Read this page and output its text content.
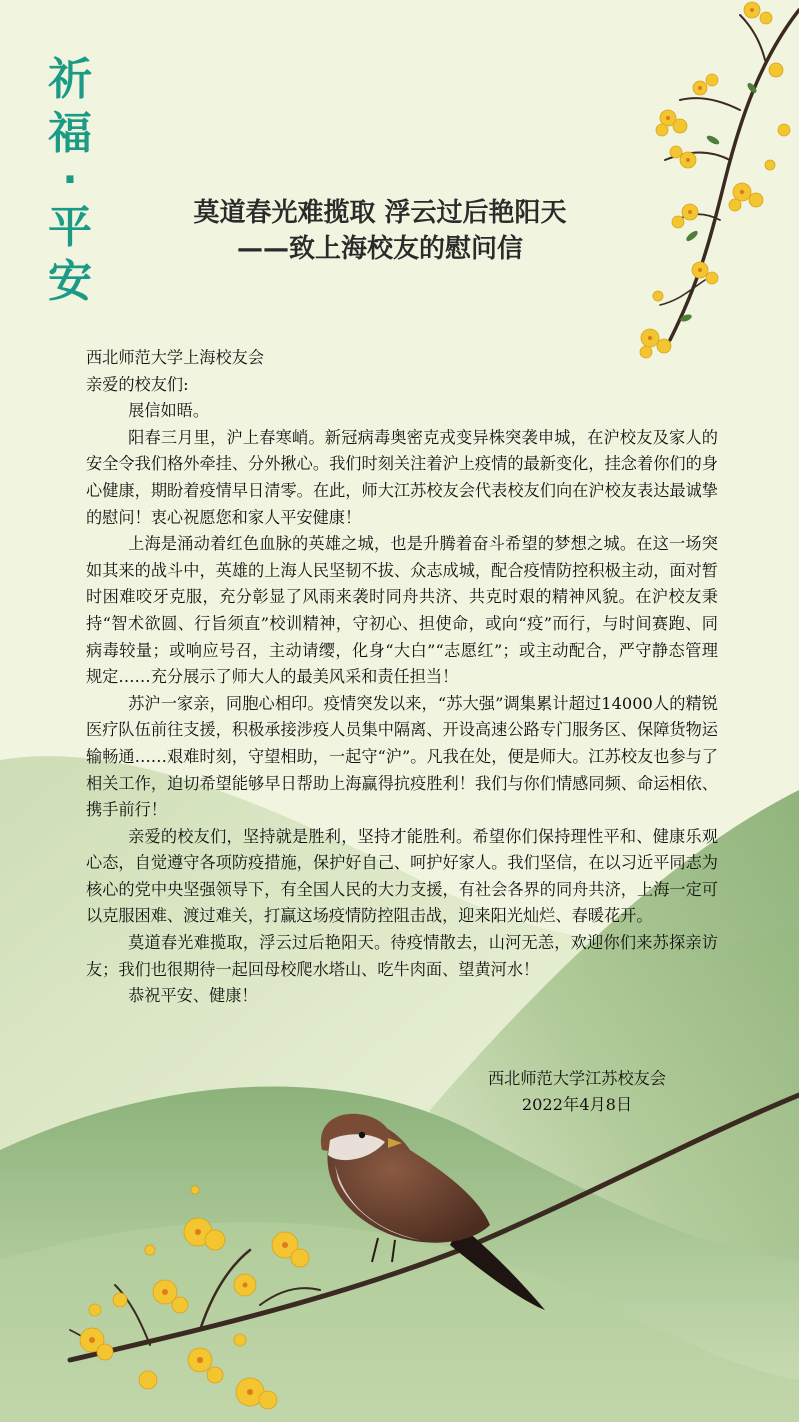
祈
福
·
平
安
莫道春光难揽取 浮云过后艳阳天
——致上海校友的慰问信

西北师范大学上海校友会

亲爱的校友们:

展信如晤。

阳春三月里，沪上春寒峭。新冠病毒奥密克戎变异株突袭申城，在沪校友及家人的安全令我们格外牵挂、分外揪心。我们时刻关注着沪上疫情的最新变化，挂念着你们的身心健康，期盼着疫情早日清零。在此，师大江苏校友会代表校友们向在沪校友表达最诚挚的慰问！衷心祝愿您和家人平安健康！

上海是涌动着红色血脉的英雄之城，也是升腾着奋斗希望的梦想之城。在这一场突如其来的战斗中，英雄的上海人民坚韧不拔、众志成城，配合疫情防控积极主动，面对暂时困难咬牙克服，充分彰显了风雨来袭时同舟共济、共克时艰的精神风貌。在沪校友秉持“智术欲圆、行旨须直”校训精神，守初心、担使命，或向“疫”而行，与时间赛跑、同病毒较量；或响应号召，主动请缨，化身“大白”“志愿红”；或主动配合，严守静态管理规定……充分展示了师大人的最美风采和责任担当！

苏沪一家亲，同胞心相印。疫情突发以来，“苏大强”调集累计超过14000人的精锐医疗队伍前往支援，积极承接涉疫人员集中隔离、开设高速公路专门服务区、保障货物运输畅通……艰难时刻，守望相助，一起守“沪”。凡我在处，便是师大。江苏校友也参与了相关工作，迫切希望能够早日帮助上海赢得抗疫胜利！我们与你们情感同频、命运相依、携手前行！

亲爱的校友们，坚持就是胜利，坚持才能胜利。希望你们保持理性平和、健康乐观心态，自觉遵守各项防疫措施，保护好自己、呵护好家人。我们坚信，在以习近平同志为核心的党中央坚强领导下，有全国人民的大力支援，有社会各界的同舟共济，上海一定可以克服困难、渡过难关，打赢这场疫情防控阻击战，迎来阳光灿烂、春暖花开。

莫道春光难揽取，浮云过后艳阳天。待疫情散去，山河无恙，欢迎你们来苏探亲访友；我们也很期待一起回母校爬水塔山、吃牛肉面、望黄河水！

恭祝平安、健康！

西北师范大学江苏校友会
2022年4月8日
